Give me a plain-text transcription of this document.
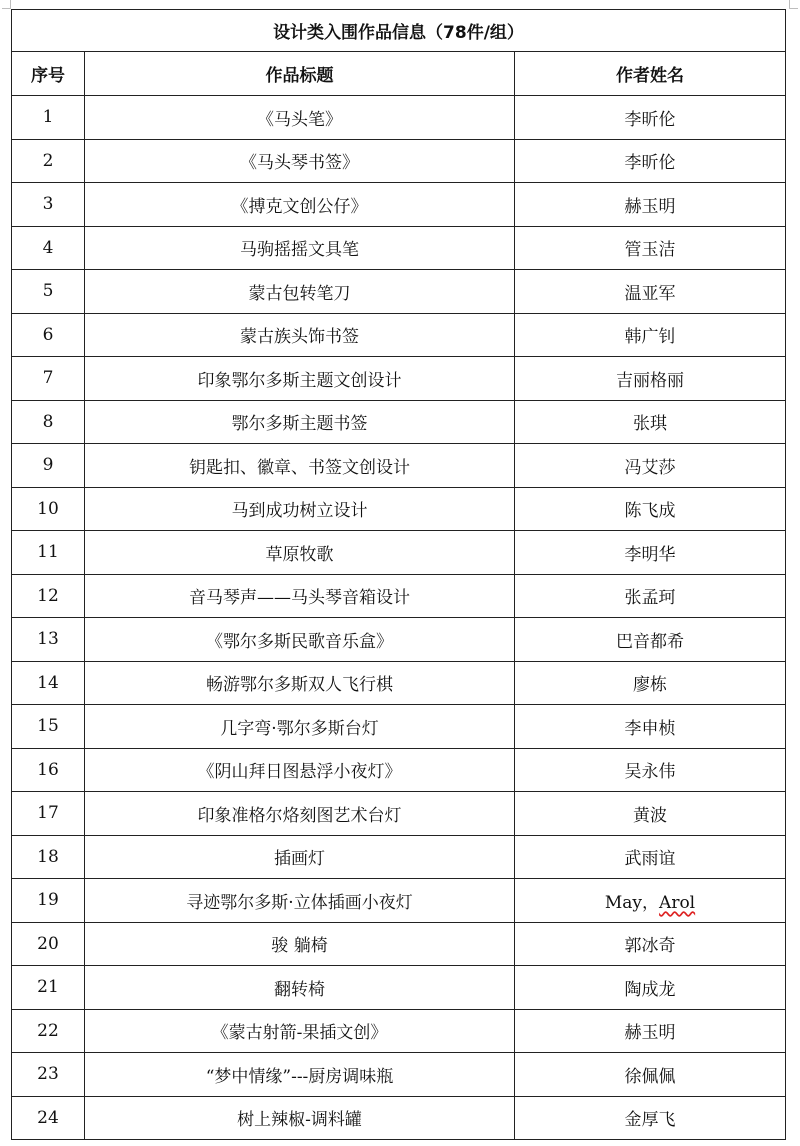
设计类入围作品信息（78件/组）		
序号	作品标题	作者姓名
1	《马头笔》	李昕伦
2	《马头琴书签》	李昕伦
3	《搏克文创公仔》	赫玉明
4	马驹摇摇文具笔	管玉洁
5	蒙古包转笔刀	温亚军
6	蒙古族头饰书签	韩广钊
7	印象鄂尔多斯主题文创设计	吉丽格丽
8	鄂尔多斯主题书签	张琪
9	钥匙扣、徽章、书签文创设计	冯艾莎
10	马到成功树立设计	陈飞成
11	草原牧歌	李明华
12	音马琴声——马头琴音箱设计	张孟珂
13	《鄂尔多斯民歌音乐盒》	巴音都希
14	畅游鄂尔多斯双人飞行棋	廖栋
15	几字弯·鄂尔多斯台灯	李申桢
16	《阴山拜日图悬浮小夜灯》	吴永伟
17	印象准格尔烙刻图艺术台灯	黄波
18	插画灯	武雨谊
19	寻迹鄂尔多斯·立体插画小夜灯	May，Arol
20	骏 躺椅	郭冰奇
21	翻转椅	陶成龙
22	《蒙古射箭-果插文创》	赫玉明
23	“梦中情缘”---厨房调味瓶	徐佩佩
24	树上辣椒-调料罐	金厚飞
